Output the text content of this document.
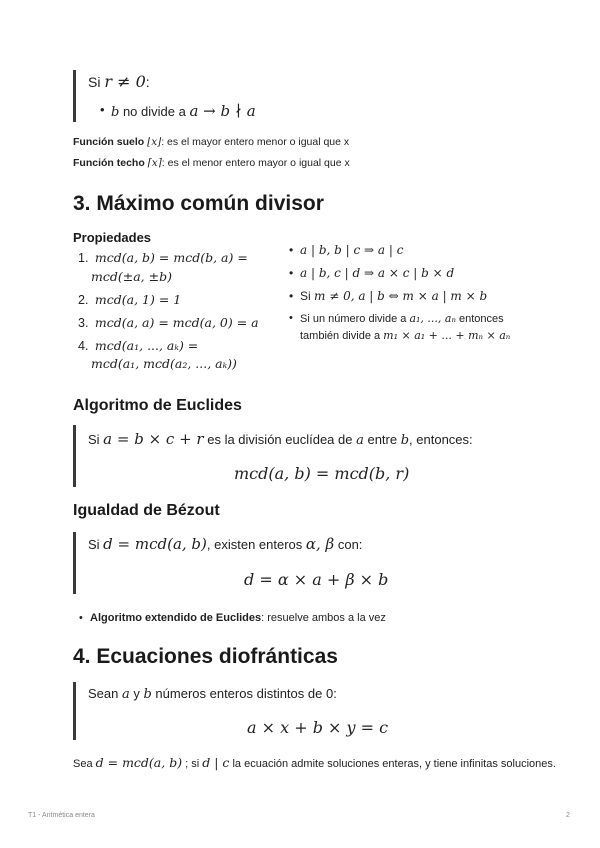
Si r ≠ 0:
• b no divide a a → b ∤ a
Función suelo ⌊x⌋: es el mayor entero menor o igual que x
Función techo ⌈x⌉: es el menor entero mayor o igual que x
3. Máximo común divisor
Propiedades
1. mcd(a, b) = mcd(b, a) =
mcd(±a, ±b)
2. mcd(a, 1) = 1
3. mcd(a, a) = mcd(a, 0) = a
4. mcd(a₁, ..., aₖ) =
mcd(a₁, mcd(a₂, ..., aₖ))
• a | b, b | c ⇒ a | c
• a | b, c | d ⇒ a × c | b × d
• Si m ≠ 0, a | b ⇔ m × a | m × b
• Si un número divide a a₁, ..., aₙ entonces
también divide a m₁ × a₁ + ... + mₙ × aₙ
Algoritmo de Euclides
Si a = b × c + r es la división euclídea de a entre b, entonces:
mcd(a, b) = mcd(b, r)
Igualdad de Bézout
Si d = mcd(a, b), existen enteros α, β con:
d = α × a + β × b
• Algoritmo extendido de Euclides: resuelve ambos a la vez
4. Ecuaciones diofránticas
Sean a y b números enteros distintos de 0:
a × x + b × y = c
Sea d = mcd(a, b) ; si d | c la ecuación admite soluciones enteras, y tiene infinitas soluciones.
T1 - Aritmética entera	2
